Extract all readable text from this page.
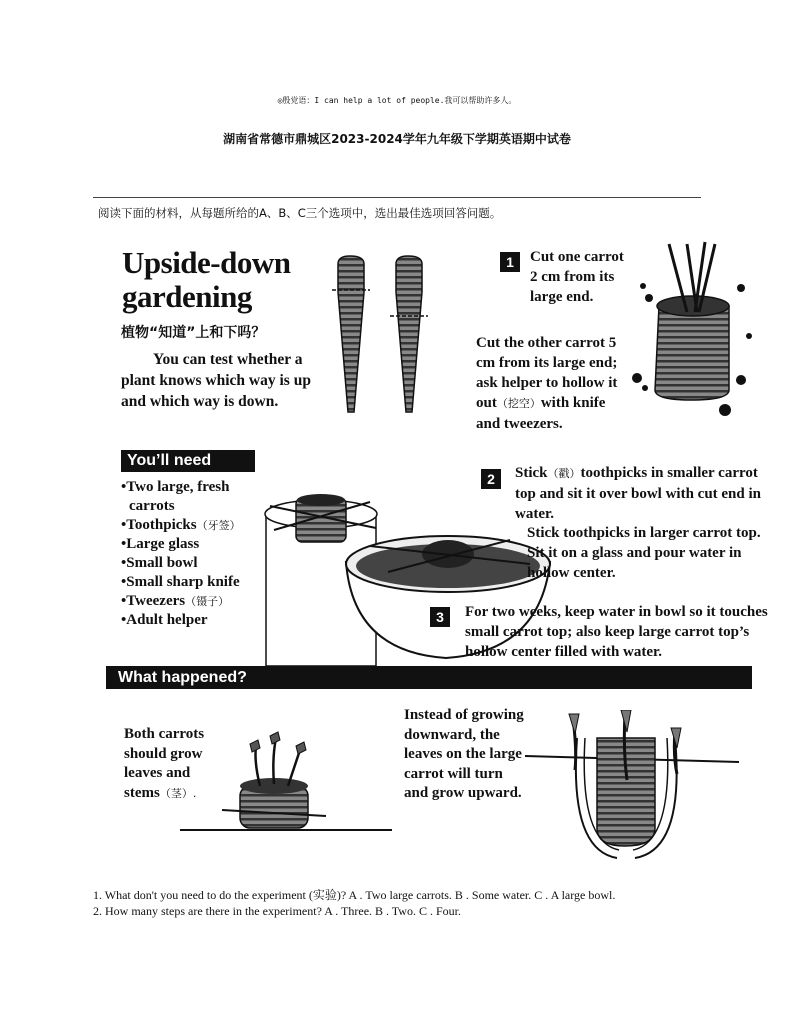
◎殷党语：I can help a lot of people.我可以帮助许多人。
湖南省常德市鼎城区2023-2024学年九年级下学期英语期中试卷
阅读下面的材料，从每题所给的A、B、C三个选项中，选出最佳选项回答问题。
Upside-down
gardening
植物“知道”上和下吗？
You can test whether a plant knows which way is up and which way is down.
You’ll need
• Two large, fresh
carrots
• Toothpicks（牙签）
• Large glass
• Small bowl
• Small sharp knife
• Tweezers（镊子）
• Adult helper
1	Cut one carrot 2 cm from its large end.
Cut the other carrot 5 cm from its large end; ask helper to hollow it out（挖空）with knife and tweezers.
2	Stick（戳）toothpicks in smaller carrot top and sit it over bowl with cut end in water.
Stick toothpicks in larger carrot top. Sit it on a glass and pour water in hollow center.
3	For two weeks, keep water in bowl so it touches small carrot top; also keep large carrot top’s hollow center filled with water.
What happened?
Both carrots should grow leaves and stems（茎）.
Instead of growing downward, the leaves on the large carrot will turn and grow upward.
1. What don't you need to do the experiment (实验)? A . Two large carrots. B . Some water. C . A large bowl.
2. How many steps are there in the experiment? A . Three. B . Two. C . Four.
